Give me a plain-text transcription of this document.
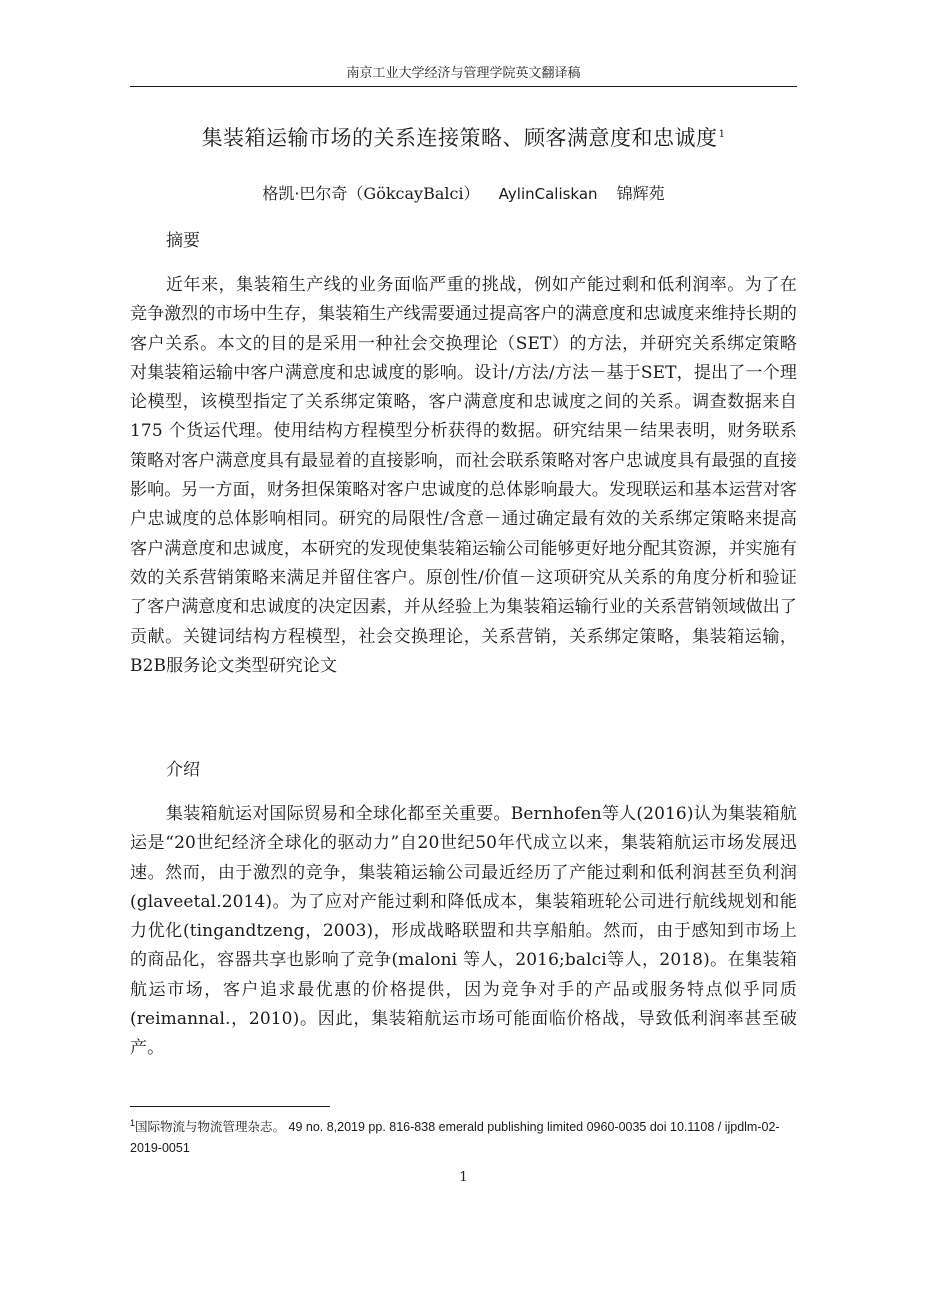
南京工业大学经济与管理学院英文翻译稿
集装箱运输市场的关系连接策略、顾客满意度和忠诚度$^1$
格凯·巴尔奇（GökcayBalci） AylinCaliskan 锦辉苑
摘要

近年来，集装箱生产线的业务面临严重的挑战，例如产能过剩和低利润率。为了在竞争激烈的市场中生存，集装箱生产线需要通过提高客户的满意度和忠诚度来维持长期的客户关系。本文的目的是采用一种社会交换理论（SET）的方法，并研究关系绑定策略对集装箱运输中客户满意度和忠诚度的影响。设计/方法/方法－基于SET，提出了一个理论模型，该模型指定了关系绑定策略，客户满意度和忠诚度之间的关系。调查数据来自 175 个货运代理。使用结构方程模型分析获得的数据。研究结果－结果表明，财务联系策略对客户满意度具有最显着的直接影响，而社会联系策略对客户忠诚度具有最强的直接影响。另一方面，财务担保策略对客户忠诚度的总体影响最大。发现联运和基本运营对客户忠诚度的总体影响相同。研究的局限性/含意－通过确定最有效的关系绑定策略来提高客户满意度和忠诚度，本研究的发现使集装箱运输公司能够更好地分配其资源，并实施有效的关系营销策略来满足并留住客户。原创性/价值－这项研究从关系的角度分析和验证了客户满意度和忠诚度的决定因素，并从经验上为集装箱运输行业的关系营销领域做出了贡献。关键词结构方程模型，社会交换理论，关系营销，关系绑定策略，集装箱运输，B2B服务论文类型研究论文

介绍

集装箱航运对国际贸易和全球化都至关重要。Bernhofen等人(2016)认为集装箱航运是“20世纪经济全球化的驱动力”自20世纪50年代成立以来，集装箱航运市场发展迅速。然而，由于激烈的竞争，集装箱运输公司最近经历了产能过剩和低利润甚至负利润(glaveetal.2014)。为了应对产能过剩和降低成本，集装箱班轮公司进行航线规划和能力优化(tingandtzeng，2003)，形成战略联盟和共享船舶。然而，由于感知到市场上的商品化，容器共享也影响了竞争(maloni 等人，2016;balci等人，2018)。在集装箱航运市场，客户追求最优惠的价格提供，因为竞争对手的产品或服务特点似乎同质(reimannal.，2010)。因此，集装箱航运市场可能面临价格战，导致低利润率甚至破产。

$^1$国际物流与物流管理杂志。 49 no. 8,2019 pp. 816-838 emerald publishing limited 0960-0035 doi 10.1108 / ijpdlm-02-2019-0051
1
